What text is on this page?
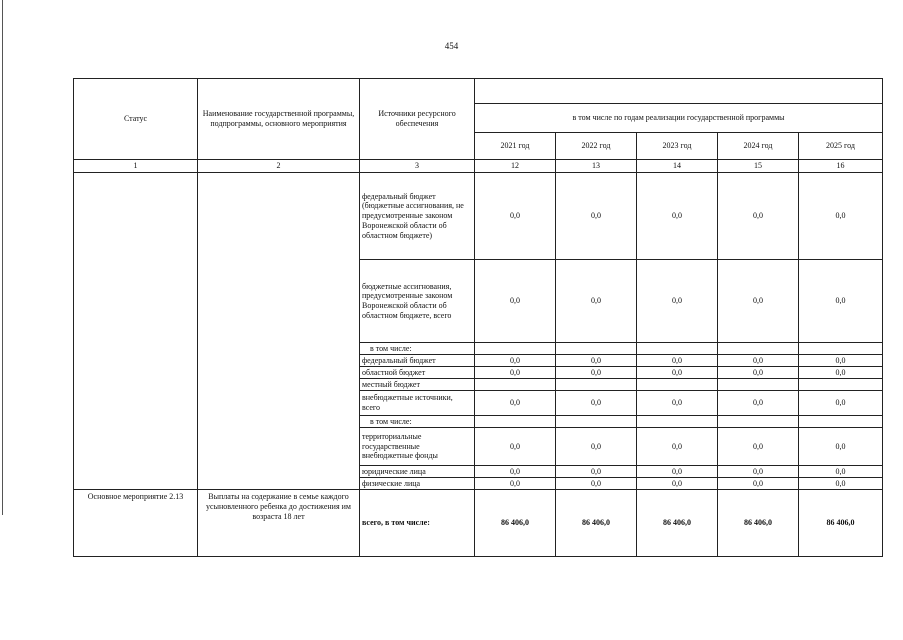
454
Статус	Наименование государственной программы, подпрограммы, основного мероприятия	Источники ресурсного обеспечения					
			в том числе по годам реализации государственной программы				
			2021 год	2022 год	2023 год	2024 год	2025 год
1	2	3	12	13	14	15	16
		федеральный бюджет (бюджетные ассигнования, не предусмотренные законом Воронежской области об областном бюджете)	0,0	0,0	0,0	0,0	0,0
		бюджетные ассигнования, предусмотренные законом Воронежской области об областном бюджете, всего	0,0	0,0	0,0	0,0	0,0
		в том числе:					
		федеральный бюджет	0,0	0,0	0,0	0,0	0,0
		областной бюджет	0,0	0,0	0,0	0,0	0,0
		местный бюджет					
		внебюджетные источники, всего	0,0	0,0	0,0	0,0	0,0
		в том числе:					
		территориальные государственные внебюджетные фонды	0,0	0,0	0,0	0,0	0,0
		юридические лица	0,0	0,0	0,0	0,0	0,0
		физические лица	0,0	0,0	0,0	0,0	0,0
Основное мероприятие 2.13	Выплаты на содержание в семье каждого усыновленного ребенка до достижения им возраста 18 лет	всего, в том числе:	86 406,0	86 406,0	86 406,0	86 406,0	86 406,0
